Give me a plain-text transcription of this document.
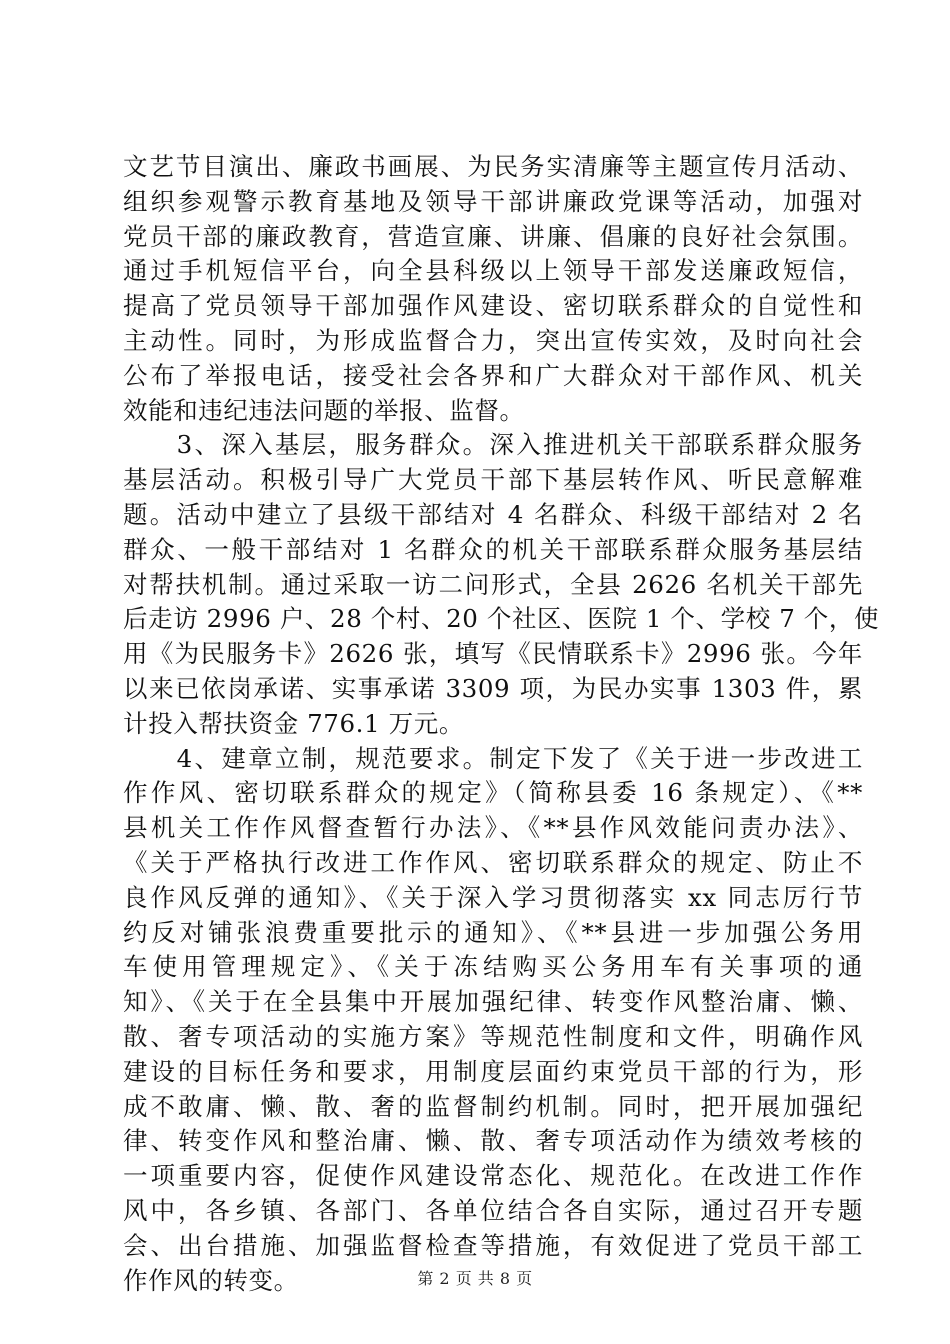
文艺节目演出、廉政书画展、为民务实清廉等主题宣传月活动、
组织参观警示教育基地及领导干部讲廉政党课等活动，加强对
党员干部的廉政教育，营造宣廉、讲廉、倡廉的良好社会氛围。
通过手机短信平台，向全县科级以上领导干部发送廉政短信，
提高了党员领导干部加强作风建设、密切联系群众的自觉性和
主动性。同时，为形成监督合力，突出宣传实效，及时向社会
公布了举报电话，接受社会各界和广大群众对干部作风、机关
效能和违纪违法问题的举报、监督。
　　3、深入基层，服务群众。深入推进机关干部联系群众服务
基层活动。积极引导广大党员干部下基层转作风、听民意解难
题。活动中建立了县级干部结对 4 名群众、科级干部结对 2 名
群众、一般干部结对 1 名群众的机关干部联系群众服务基层结
对帮扶机制。通过采取一访二问形式，全县 2626 名机关干部先
后走访 2996 户、28 个村、20 个社区、医院 1 个、学校 7 个，使
用《为民服务卡》2626 张，填写《民情联系卡》2996 张。今年
以来已依岗承诺、实事承诺 3309 项，为民办实事 1303 件，累
计投入帮扶资金 776.1 万元。
　　4、建章立制，规范要求。制定下发了《关于进一步改进工
作作风、密切联系群众的规定》（简称县委 16 条规定）、《**
县机关工作作风督查暂行办法》、《**县作风效能问责办法》、
《关于严格执行改进工作作风、密切联系群众的规定、防止不
良作风反弹的通知》、《关于深入学习贯彻落实 xx 同志厉行节
约反对铺张浪费重要批示的通知》、《**县进一步加强公务用
车使用管理规定》、《关于冻结购买公务用车有关事项的通
知》、《关于在全县集中开展加强纪律、转变作风整治庸、懒、
散、奢专项活动的实施方案》等规范性制度和文件，明确作风
建设的目标任务和要求，用制度层面约束党员干部的行为，形
成不敢庸、懒、散、奢的监督制约机制。同时，把开展加强纪
律、转变作风和整治庸、懒、散、奢专项活动作为绩效考核的
一项重要内容，促使作风建设常态化、规范化。在改进工作作
风中，各乡镇、各部门、各单位结合各自实际，通过召开专题
会、出台措施、加强监督检查等措施，有效促进了党员干部工
作作风的转变。	第 2 页 共 8 页
